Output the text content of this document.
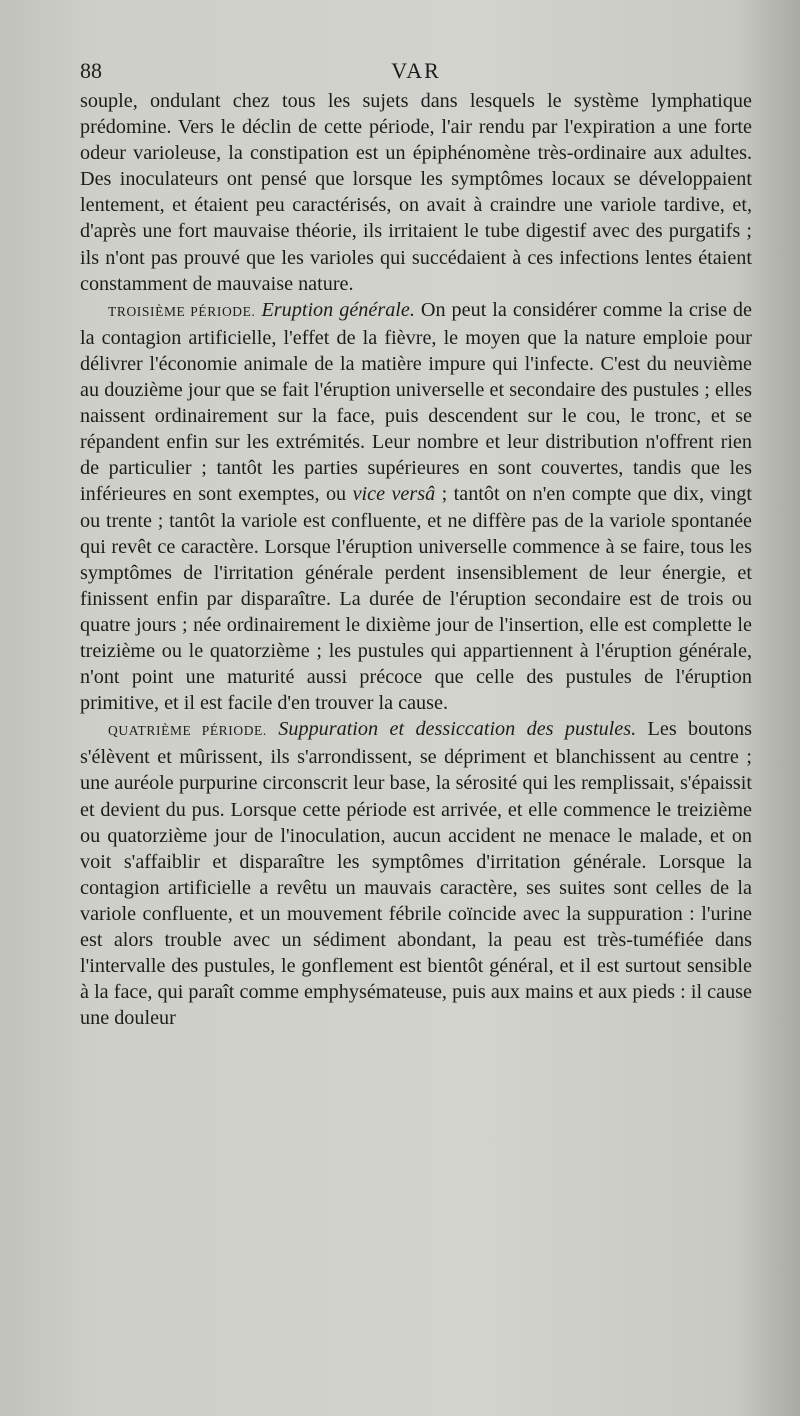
88	VAR

souple, ondulant chez tous les sujets dans lesquels le système lymphatique prédomine. Vers le déclin de cette période, l'air rendu par l'expiration a une forte odeur varioleuse, la constipation est un épiphénomène très-ordinaire aux adultes. Des inoculateurs ont pensé que lorsque les symptômes locaux se développaient lentement, et étaient peu caractérisés, on avait à craindre une variole tardive, et, d'après une fort mauvaise théorie, ils irritaient le tube digestif avec des purgatifs ; ils n'ont pas prouvé que les varioles qui succédaient à ces infections lentes étaient constamment de mauvaise nature.

TROISIÈME PÉRIODE. Eruption générale. On peut la considérer comme la crise de la contagion artificielle, l'effet de la fièvre, le moyen que la nature emploie pour délivrer l'économie animale de la matière impure qui l'infecte. C'est du neuvième au douzième jour que se fait l'éruption universelle et secondaire des pustules ; elles naissent ordinairement sur la face, puis descendent sur le cou, le tronc, et se répandent enfin sur les extrémités. Leur nombre et leur distribution n'offrent rien de particulier ; tantôt les parties supérieures en sont couvertes, tandis que les inférieures en sont exemptes, ou vice versâ ; tantôt on n'en compte que dix, vingt ou trente ; tantôt la variole est confluente, et ne diffère pas de la variole spontanée qui revêt ce caractère. Lorsque l'éruption universelle commence à se faire, tous les symptômes de l'irritation générale perdent insensiblement de leur énergie, et finissent enfin par disparaître. La durée de l'éruption secondaire est de trois ou quatre jours ; née ordinairement le dixième jour de l'insertion, elle est complette le treizième ou le quatorzième ; les pustules qui appartiennent à l'éruption générale, n'ont point une maturité aussi précoce que celle des pustules de l'éruption primitive, et il est facile d'en trouver la cause.

QUATRIÈME PÉRIODE. Suppuration et dessiccation des pustules. Les boutons s'élèvent et mûrissent, ils s'arrondissent, se dépriment et blanchissent au centre ; une auréole purpurine circonscrit leur base, la sérosité qui les remplissait, s'épaissit et devient du pus. Lorsque cette période est arrivée, et elle commence le treizième ou quatorzième jour de l'inoculation, aucun accident ne menace le malade, et on voit s'affaiblir et disparaître les symptômes d'irritation générale. Lorsque la contagion artificielle a revêtu un mauvais caractère, ses suites sont celles de la variole confluente, et un mouvement fébrile coïncide avec la suppuration : l'urine est alors trouble avec un sédiment abondant, la peau est très-tuméfiée dans l'intervalle des pustules, le gonflement est bientôt général, et il est surtout sensible à la face, qui paraît comme emphysémateuse, puis aux mains et aux pieds : il cause une douleur
